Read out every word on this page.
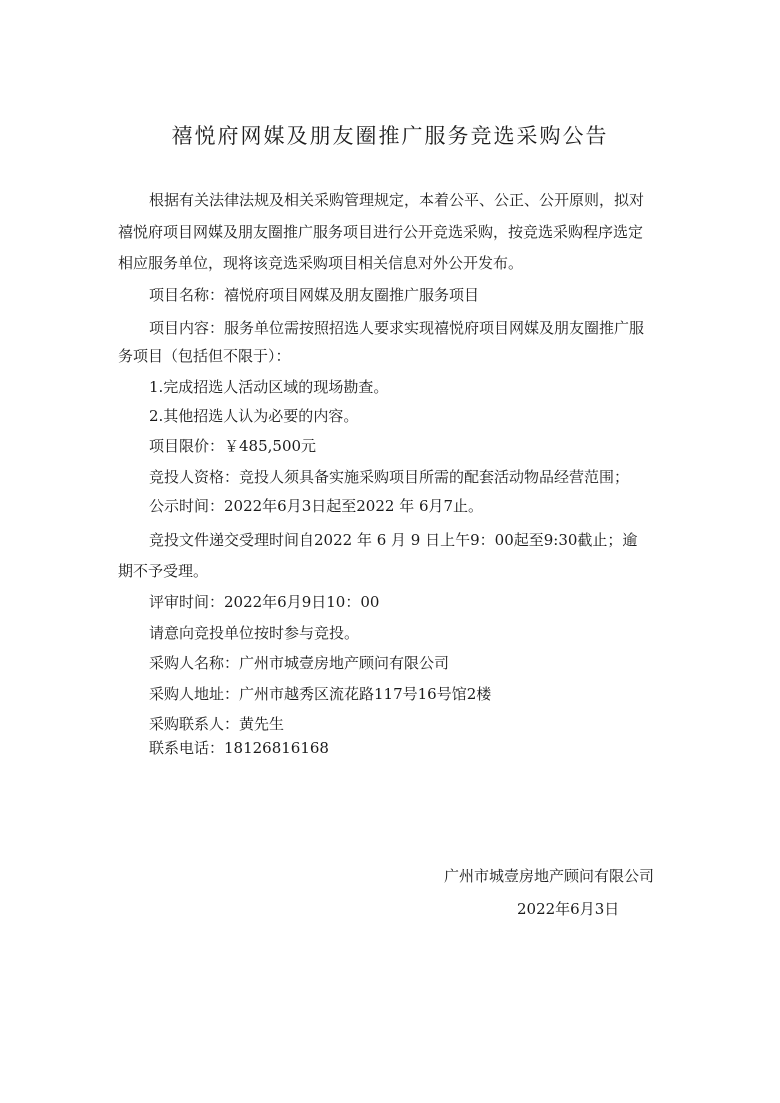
禧悦府网媒及朋友圈推广服务竞选采购公告

根据有关法律法规及相关采购管理规定，本着公平、公正、公开原则，拟对

禧悦府项目网媒及朋友圈推广服务项目进行公开竞选采购，按竞选采购程序选定

相应服务单位，现将该竞选采购项目相关信息对外公开发布。

项目名称：禧悦府项目网媒及朋友圈推广服务项目

项目内容：服务单位需按照招选人要求实现禧悦府项目网媒及朋友圈推广服

务项目（包括但不限于）：

1.完成招选人活动区域的现场勘查。

2.其他招选人认为必要的内容。

项目限价：￥485,500元

竞投人资格：竞投人须具备实施采购项目所需的配套活动物品经营范围；

公示时间：2022年6月3日起至2022 年 6月7止。

竞投文件递交受理时间自2022 年 6 月 9 日上午9：00起至9:30截止；逾

期不予受理。

评审时间：2022年6月9日10：00

请意向竞投单位按时参与竞投。

采购人名称：广州市城壹房地产顾问有限公司

采购人地址：广州市越秀区流花路117号16号馆2楼

采购联系人：黄先生

联系电话：18126816168

广州市城壹房地产顾问有限公司
2022年6月3日
